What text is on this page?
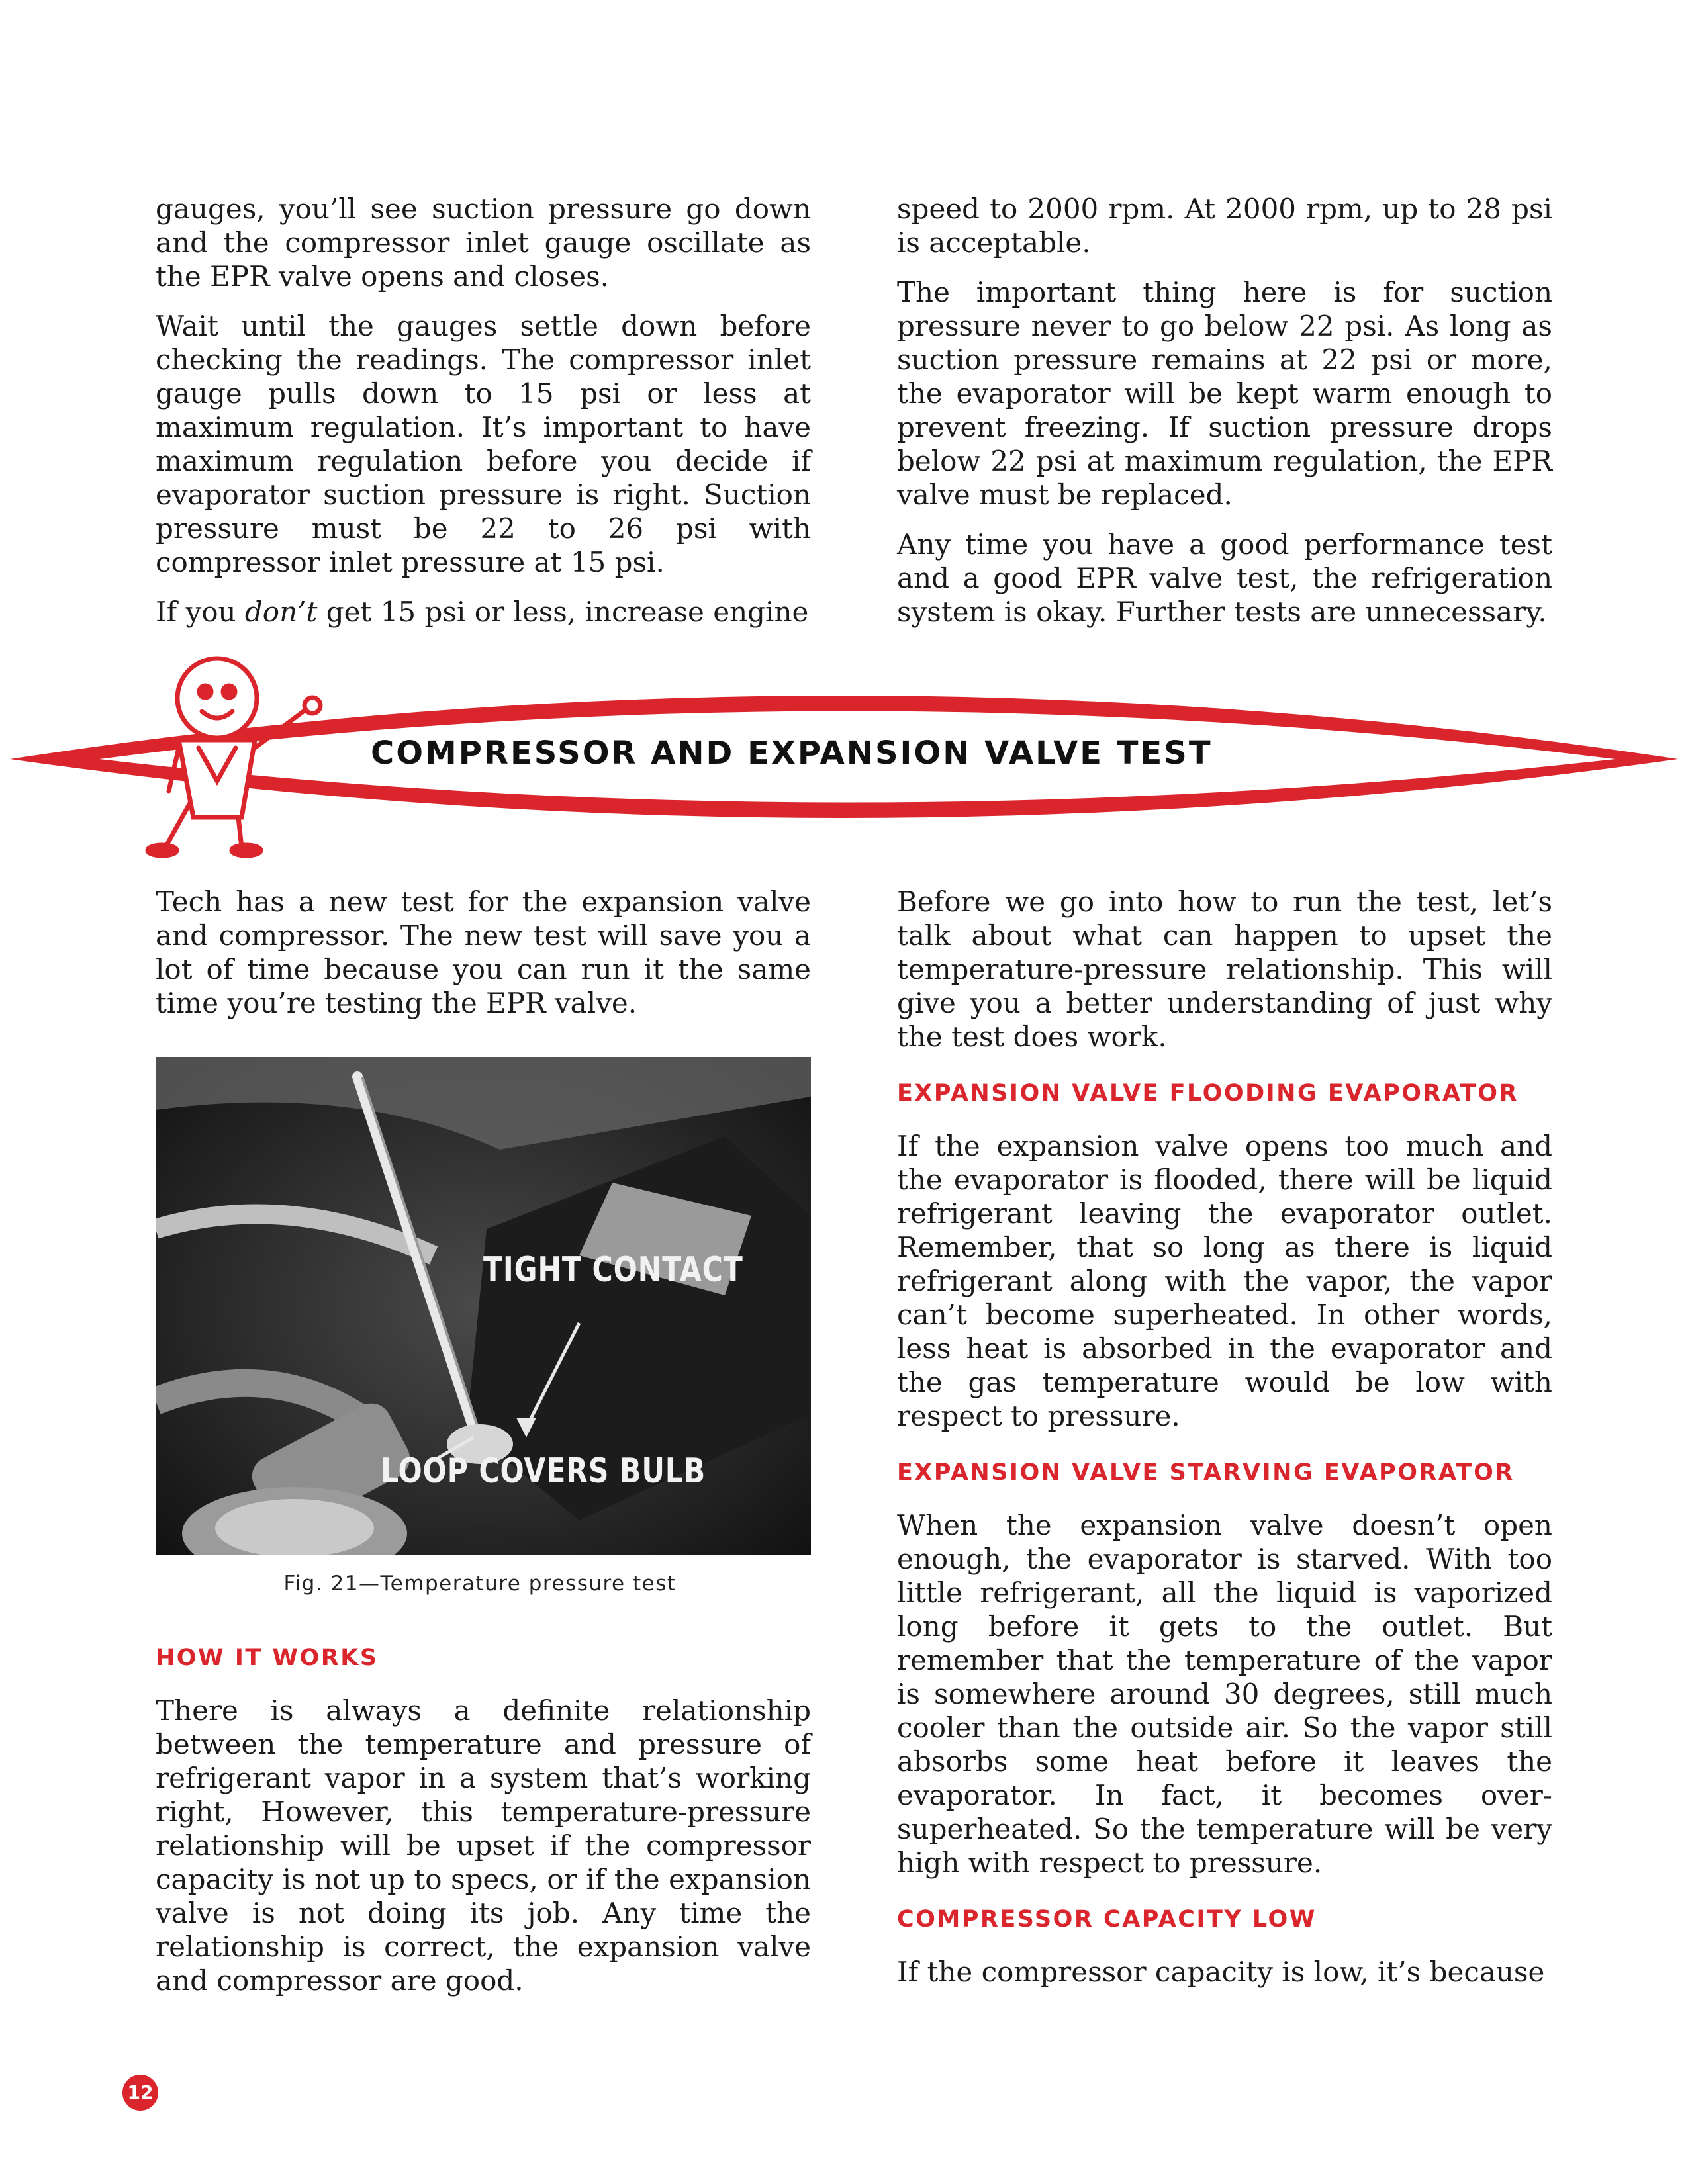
gauges, you’ll see suction pressure go down and the compressor inlet gauge oscillate as the EPR valve opens and closes.

Wait until the gauges settle down before checking the readings. The compressor inlet gauge pulls down to 15 psi or less at maximum regulation. It’s important to have maximum regulation before you decide if evaporator suction pressure is right. Suction pressure must be 22 to 26 psi with compressor inlet pressure at 15 psi.

If you don’t get 15 psi or less, increase engine

speed to 2000 rpm. At 2000 rpm, up to 28 psi is acceptable.

The important thing here is for suction pressure never to go below 22 psi. As long as suction pressure remains at 22 psi or more, the evaporator will be kept warm enough to prevent freezing. If suction pressure drops below 22 psi at maximum regulation, the EPR valve must be replaced.

Any time you have a good performance test and a good EPR valve test, the refrigeration system is okay. Further tests are unnecessary.

COMPRESSOR AND EXPANSION VALVE TEST

Tech has a new test for the expansion valve and compressor. The new test will save you a lot of time because you can run it the same time you’re testing the EPR valve.

TIGHT CONTACT
LOOP COVERS BULB
Fig. 21—Temperature pressure test

HOW IT WORKS

There is always a definite relationship between the temperature and pressure of refrigerant vapor in a system that’s working right, However, this temperature-pressure relationship will be upset if the compressor capacity is not up to specs, or if the expansion valve is not doing its job. Any time the relationship is correct, the expansion valve and compressor are good.

Before we go into how to run the test, let’s talk about what can happen to upset the temperature-pressure relationship. This will give you a better understanding of just why the test does work.

EXPANSION VALVE FLOODING EVAPORATOR

If the expansion valve opens too much and the evaporator is flooded, there will be liquid refrigerant leaving the evaporator outlet. Remember, that so long as there is liquid refrigerant along with the vapor, the vapor can’t become superheated. In other words, less heat is absorbed in the evaporator and the gas temperature would be low with respect to pressure.

EXPANSION VALVE STARVING EVAPORATOR

When the expansion valve doesn’t open enough, the evaporator is starved. With too little refrigerant, all the liquid is vaporized long before it gets to the outlet. But remember that the temperature of the vapor is somewhere around 30 degrees, still much cooler than the outside air. So the vapor still absorbs some heat before it leaves the evaporator. In fact, it becomes over-superheated. So the temperature will be very high with respect to pressure.

COMPRESSOR CAPACITY LOW

If the compressor capacity is low, it’s because

12
